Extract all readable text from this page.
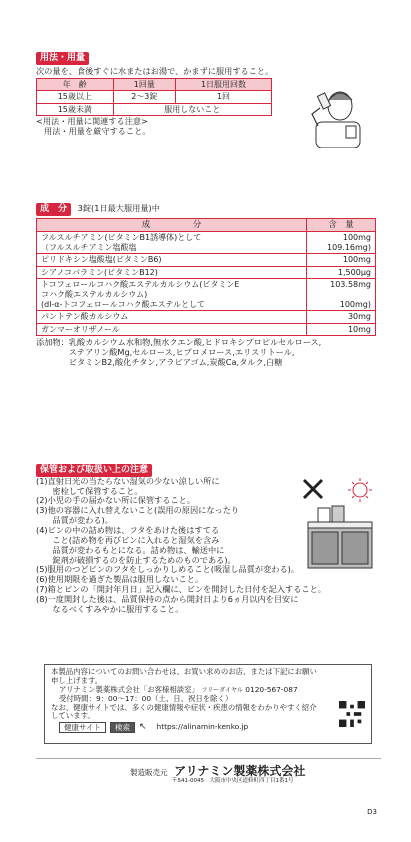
用法・用量
次の量を、食後すぐに水またはお湯で、かまずに服用すること。
年　齢	1回量	1日服用回数
15歳以上	2～3錠	1回
15歳未満	服用しないこと	
<用法・用量に関連する注意>
用法・用量を厳守すること。
成　分 3錠(1日最大服用量)中
成　　　　　分	含　量
フルスルチアミン(ビタミンB1誘導体)として
（フルスルチアミン塩酸塩	100mg
109.16mg)
ピリドキシン塩酸塩(ビタミンB6)	100mg
シアノコバラミン(ビタミンB12)	1,500μg
トコフェロールコハク酸エステルカルシウム(ビタミンE
コハク酸エステルカルシウム)
(dl-α-トコフェロールコハク酸エステルとして	103.58mg

100mg)
パントテン酸カルシウム	30mg
ガンマーオリザノール	10mg
添加物： 乳酸カルシウム水和物,無水クエン酸,ヒドロキシプロピルセルロース,
ステアリン酸Mg,セルロース,ヒプロメロース,エリスリトール,
ビタミンB2,酸化チタン,アラビアゴム,炭酸Ca,タルク,白糖
保管および取扱い上の注意

(1)直射日光の当たらない湿気の少ない涼しい所に
　　密栓して保管すること。

(2)小児の手の届かない所に保管すること。

(3)他の容器に入れ替えないこと(誤用の原因になったり
　　品質が変わる)。

(4)ビンの中の詰め物は、フタをあけた後はすてる
　　こと(詰め物を再びビンに入れると湿気を含み
　　品質が変わるもとになる。詰め物は、輸送中に
　　錠剤が破損するのを防止するためのものである)。

(5)服用のつどビンのフタをしっかりしめること(吸湿し品質が変わる)。

(6)使用期限を過ぎた製品は服用しないこと。

(7)箱とビンの「開封年月日」記入欄に、ビンを開封した日付を記入すること。

(8)一度開封した後は、品質保持の点から開封日より6ヵ月以内を目安に
　　なるべくすみやかに服用すること。

本製品内容についてのお問い合わせは、お買い求めのお店、または下記にお願い
申し上げます。
アリナミン製薬株式会社「お客様相談室」 フリーダイヤル 0120-567-087
受付時間：9：00～17：00（土、日、祝日を除く）
なお、健康サイトでは、多くの健康情報や症状・疾患の情報をわかりやすく紹介
しています。
健康サイト	検索	↖ https://alinamin-kenko.jp
製造販売元 アリナミン製薬株式会社
〒541-0045　大阪市中央区道修町四丁目1番1号
D3
